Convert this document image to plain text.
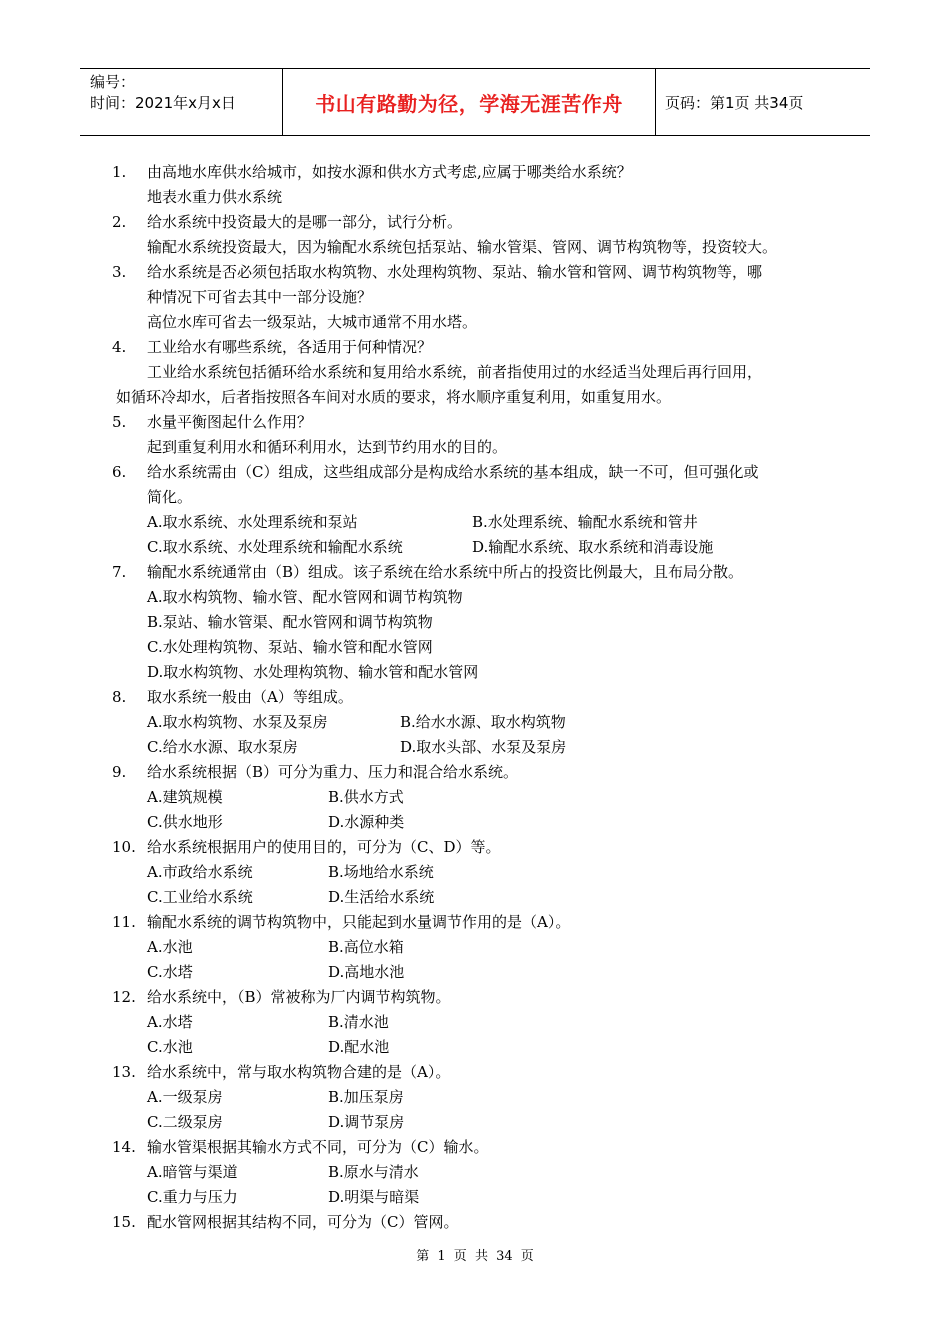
编号：
时间：2021年x月x日	书山有路勤为径，学海无涯苦作舟	页码：第1页 共34页
1. 由高地水库供水给城市，如按水源和供水方式考虑,应属于哪类给水系统？
地表水重力供水系统
2. 给水系统中投资最大的是哪一部分，试行分析。
输配水系统投资最大，因为输配水系统包括泵站、输水管渠、管网、调节构筑物等，投资较大。
3. 给水系统是否必须包括取水构筑物、水处理构筑物、泵站、输水管和管网、调节构筑物等，哪
种情况下可省去其中一部分设施？
高位水库可省去一级泵站，大城市通常不用水塔。
4. 工业给水有哪些系统，各适用于何种情况？
工业给水系统包括循环给水系统和复用给水系统，前者指使用过的水经适当处理后再行回用，
如循环冷却水，后者指按照各车间对水质的要求，将水顺序重复利用，如重复用水。
5. 水量平衡图起什么作用？
起到重复利用水和循环利用水，达到节约用水的目的。
6. 给水系统需由（C）组成，这些组成部分是构成给水系统的基本组成，缺一不可，但可强化或
简化。
A.取水系统、水处理系统和泵站	B.水处理系统、输配水系统和管井
C.取水系统、水处理系统和输配水系统	D.输配水系统、取水系统和消毒设施
7. 输配水系统通常由（B）组成。该子系统在给水系统中所占的投资比例最大，且布局分散。
A.取水构筑物、输水管、配水管网和调节构筑物
B.泵站、输水管渠、配水管网和调节构筑物
C.水处理构筑物、泵站、输水管和配水管网
D.取水构筑物、水处理构筑物、输水管和配水管网
8. 取水系统一般由（A）等组成。
A.取水构筑物、水泵及泵房	B.给水水源、取水构筑物
C.给水水源、取水泵房	D.取水头部、水泵及泵房
9. 给水系统根据（B）可分为重力、压力和混合给水系统。
A.建筑规模	B.供水方式
C.供水地形	D.水源种类
10. 给水系统根据用户的使用目的，可分为（C、D）等。
A.市政给水系统	B.场地给水系统
C.工业给水系统	D.生活给水系统
11. 输配水系统的调节构筑物中，只能起到水量调节作用的是（A）。
A.水池	B.高位水箱
C.水塔	D.高地水池
12. 给水系统中，（B）常被称为厂内调节构筑物。
A.水塔	B.清水池
C.水池	D.配水池
13. 给水系统中，常与取水构筑物合建的是（A）。
A.一级泵房	B.加压泵房
C.二级泵房	D.调节泵房
14. 输水管渠根据其输水方式不同，可分为（C）输水。
A.暗管与渠道	B.原水与清水
C.重力与压力	D.明渠与暗渠
15. 配水管网根据其结构不同，可分为（C）管网。
第 1 页 共 34 页
